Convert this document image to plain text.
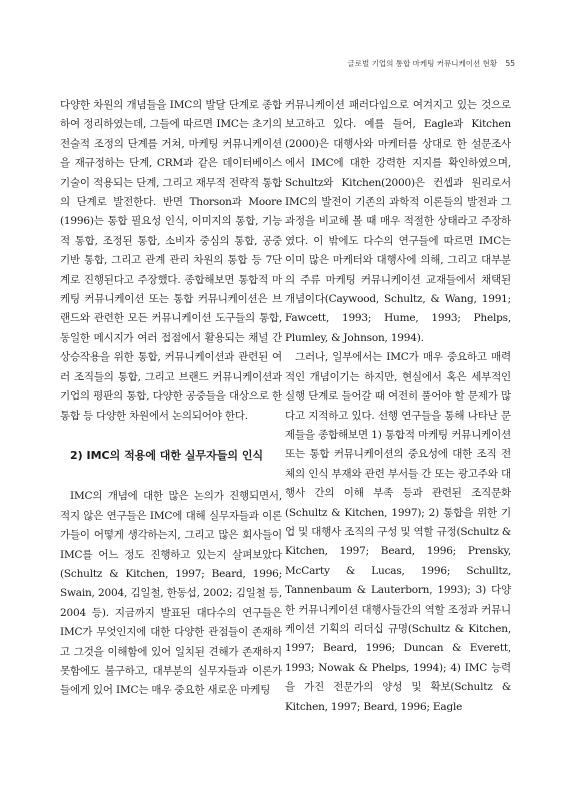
글로벌 기업의 통합 마케팅 커뮤니케이션 현황 55

다양한 차원의 개념들을 IMC의 발달 단계로 종합하여 정리하였는데, 그들에 따르면 IMC는 초기의 전술적 조정의 단계를 거쳐, 마케팅 커뮤니케이션을 재규정하는 단계, CRM과 같은 데이터베이스 기술이 적용되는 단계, 그리고 재무적 전략적 통합의 단계로 발전한다. 반면 Thorson과 Moore (1996)는 통합 필요성 인식, 이미지의 통합, 기능적 통합, 조정된 통합, 소비자 중심의 통합, 공중 기반 통합, 그리고 관계 관리 차원의 통합 등 7단계로 진행된다고 주장했다. 종합해보면 통합적 마케팅 커뮤니케이션 또는 통합 커뮤니케이션은 브랜드와 관련한 모든 커뮤니케이션 도구들의 통합, 동일한 메시지가 여러 접점에서 활용되는 채널 간 상승작용을 위한 통합, 커뮤니케이션과 관련된 여러 조직들의 통합, 그리고 브랜드 커뮤니케이션과 기업의 평판의 통합, 다양한 공중들을 대상으로 한 통합 등 다양한 차원에서 논의되어야 한다.

2) IMC의 적용에 대한 실무자들의 인식

IMC의 개념에 대한 많은 논의가 진행되면서, 적지 않은 연구들은 IMC에 대해 실무자들과 이론가들이 어떻게 생각하는지, 그리고 많은 회사들이 IMC를 어느 정도 진행하고 있는지 살펴보았다(Schultz & Kitchen, 1997; Beard, 1996; Swain, 2004, 김일철, 한동섭, 2002; 김일철 등, 2004 등). 지금까지 발표된 대다수의 연구들은 IMC가 무엇인지에 대한 다양한 관점들이 존재하고 그것을 이해함에 있어 일치된 견해가 존재하지 못함에도 불구하고, 대부분의 실무자들과 이론가들에게 있어 IMC는 매우 중요한 새로운 마케팅

커뮤니케이션 패러다임으로 여겨지고 있는 것으로 보고하고 있다. 예를 들어, Eagle과 Kitchen (2000)은 대행사와 마케터를 상대로 한 설문조사에서 IMC에 대한 강력한 지지를 확인하였으며, Schultz와 Kitchen(2000)은 컨셉과 원리로서 IMC의 발전이 기존의 과학적 이론들의 발전과 그 과정을 비교해 볼 때 매우 적절한 상태라고 주장하였다. 이 밖에도 다수의 연구들에 따르면 IMC는 이미 많은 마케터와 대행사에 의해, 그리고 대부분의 주류 마케팅 커뮤니케이션 교재들에서 채택된 개념이다(Caywood, Schultz, & Wang, 1991; Fawcett, 1993; Hume, 1993; Phelps, Plumley, & Johnson, 1994).

그러나, 일부에서는 IMC가 매우 중요하고 매력적인 개념이기는 하지만, 현실에서 혹은 세부적인 실행 단계로 들어갈 때 여전히 풀어야 할 문제가 많다고 지적하고 있다. 선행 연구들을 통해 나타난 문제들을 종합해보면 1) 통합적 마케팅 커뮤니케이션 또는 통합 커뮤니케이션의 중요성에 대한 조직 전체의 인식 부재와 관련 부서들 간 또는 광고주와 대행사 간의 이해 부족 등과 관련된 조직문화(Schultz & Kitchen, 1997); 2) 통합을 위한 기업 및 대행사 조직의 구성 및 역할 규정(Schultz & Kitchen, 1997; Beard, 1996; Prensky, McCarty & Lucas, 1996; Schulltz, Tannenbaum & Lauterborn, 1993); 3) 다양한 커뮤니케이션 대행사들간의 역할 조정과 커뮤니케이션 기획의 리더십 규명(Schultz & Kitchen, 1997; Beard, 1996; Duncan & Everett, 1993; Nowak & Phelps, 1994); 4) IMC 능력을 가진 전문가의 양성 및 확보(Schultz & Kitchen, 1997; Beard, 1996; Eagle
